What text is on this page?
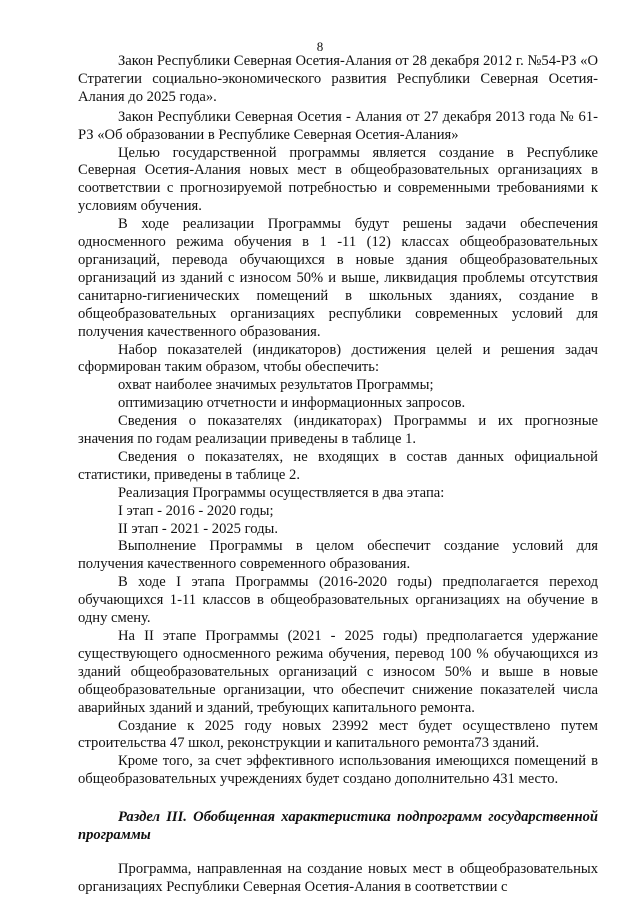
8

Закон Республики Северная Осетия-Алания от 28 декабря 2012 г. №54-РЗ «О Стратегии социально-экономического развития Республики Северная Осетия-Алания до 2025 года».

Закон Республики Северная Осетия - Алания от 27 декабря 2013 года № 61-РЗ «Об образовании в Республике Северная Осетия-Алания»

Целью государственной программы является создание в Республике Северная Осетия-Алания новых мест в общеобразовательных организациях в соответствии с прогнозируемой потребностью и современными требованиями к условиям обучения.

В ходе реализации Программы будут решены задачи обеспечения односменного режима обучения в 1 -11 (12) классах общеобразовательных организаций, перевода обучающихся в новые здания общеобразовательных организаций из зданий с износом 50% и выше, ликвидация проблемы отсутствия санитарно-гигиенических помещений в школьных зданиях, создание в общеобразовательных организациях республики современных условий для получения качественного образования.

Набор показателей (индикаторов) достижения целей и решения задач сформирован таким образом, чтобы обеспечить:

охват наиболее значимых результатов Программы;

оптимизацию отчетности и информационных запросов.

Сведения о показателях (индикаторах) Программы и их прогнозные значения по годам реализации приведены в таблице 1.

Сведения о показателях, не входящих в состав данных официальной статистики, приведены в таблице 2.

Реализация Программы осуществляется в два этапа:

I этап - 2016 - 2020 годы;

II этап - 2021 - 2025 годы.

Выполнение Программы в целом обеспечит создание условий для получения качественного современного образования.

В ходе I этапа Программы (2016-2020 годы) предполагается переход обучающихся 1-11 классов в общеобразовательных организациях на обучение в одну смену.

На II этапе Программы (2021 - 2025 годы) предполагается удержание существующего односменного режима обучения, перевод 100 % обучающихся из зданий общеобразовательных организаций с износом 50% и выше в новые общеобразовательные организации, что обеспечит снижение показателей числа аварийных зданий и зданий, требующих капитального ремонта.

Создание к 2025 году новых 23992 мест будет осуществлено путем строительства 47 школ, реконструкции и капитального ремонта73 зданий.

Кроме того, за счет эффективного использования имеющихся помещений в общеобразовательных учреждениях будет создано дополнительно 431 место.

Раздел III. Обобщенная характеристика подпрограмм государственной программы

Программа, направленная на создание новых мест в общеобразовательных организациях Республики Северная Осетия-Алания в соответствии с
